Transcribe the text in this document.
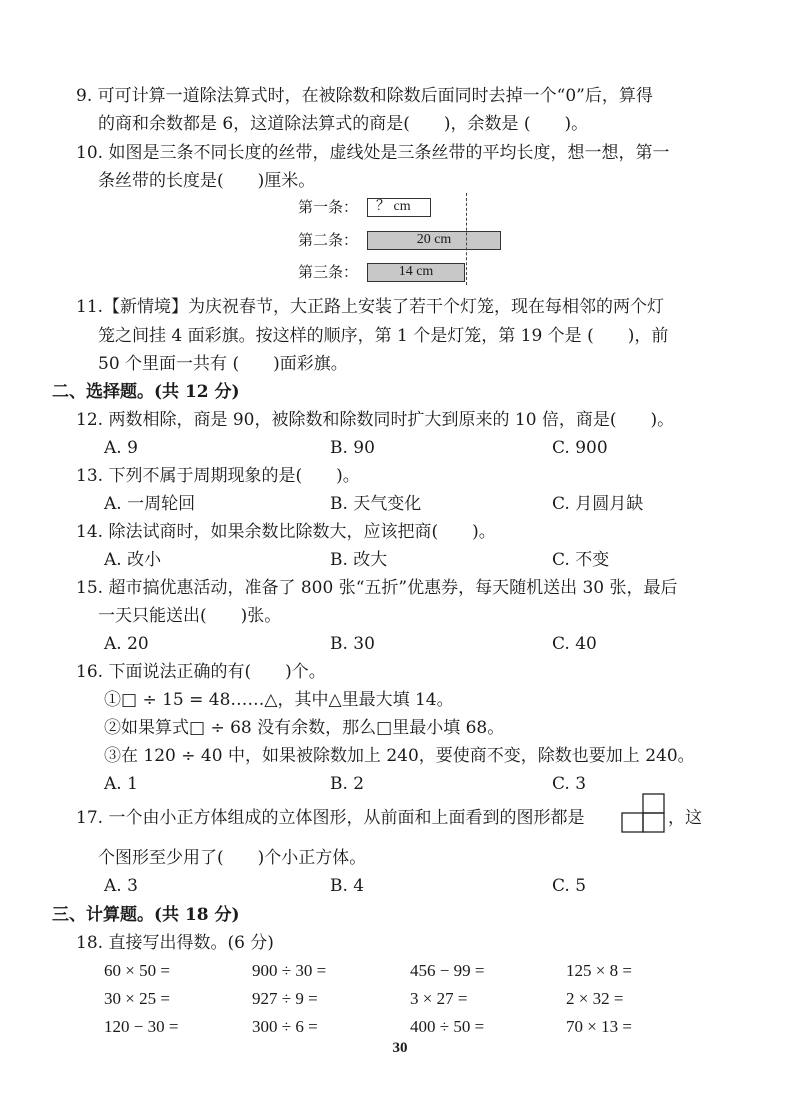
9. 可可计算一道除法算式时，在被除数和除数后面同时去掉一个“0”后，算得
的商和余数都是 6，这道除法算式的商是(　　)，余数是 (　　)。
10. 如图是三条不同长度的丝带，虚线处是三条丝带的平均长度，想一想，第一
条丝带的长度是(　　)厘米。
第一条：	？ cm
第二条：	20 cm
第三条：	14 cm
11.【新情境】为庆祝春节，大正路上安装了若干个灯笼，现在每相邻的两个灯
笼之间挂 4 面彩旗。按这样的顺序，第 1 个是灯笼，第 19 个是 (　　)，前
50 个里面一共有 (　　)面彩旗。
二、选择题。(共 12 分)
12. 两数相除，商是 90，被除数和除数同时扩大到原来的 10 倍，商是(　　)。
A. 9	B. 90	C. 900
13. 下列不属于周期现象的是(　　)。
A. 一周轮回	B. 天气变化	C. 月圆月缺
14. 除法试商时，如果余数比除数大，应该把商(　　)。
A. 改小	B. 改大	C. 不变
15. 超市搞优惠活动，准备了 800 张“五折”优惠券，每天随机送出 30 张，最后
一天只能送出(　　)张。
A. 20	B. 30	C. 40
16. 下面说法正确的有(　　)个。
①□ ÷ 15 = 48……△，其中△里最大填 14。
②如果算式□ ÷ 68 没有余数，那么□里最小填 68。
③在 120 ÷ 40 中，如果被除数加上 240，要使商不变，除数也要加上 240。
A. 1	B. 2	C. 3
17. 一个由小正方体组成的立体图形，从前面和上面看到的图形都是	，这
个图形至少用了(　　)个小正方体。
A. 3	B. 4	C. 5
三、计算题。(共 18 分)
18. 直接写出得数。(6 分)
60 × 50 =	900 ÷ 30 =	456 − 99 =	125 × 8 =
30 × 25 =	927 ÷ 9 =	3 × 27 =	2 × 32 =
120 − 30 =	300 ÷ 6 =	400 ÷ 50 =	70 × 13 =
30
